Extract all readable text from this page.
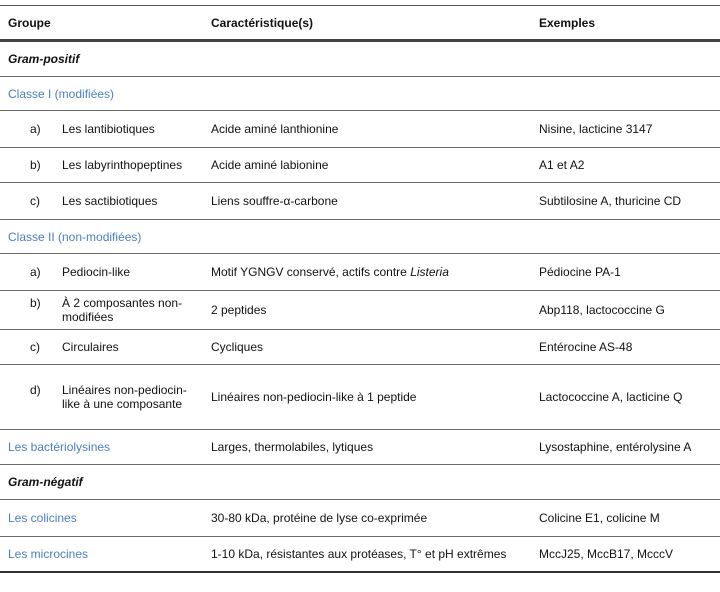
Groupe	Caractéristique(s)	Exemples
Gram-positif		
Classe I (modifiées)		

a) Les lantibiotiques	Acide aminé lanthionine	Nisine, lacticine 3147

b) Les labyrinthopeptines	Acide aminé labionine	A1 et A2

c) Les sactibiotiques	Liens souffre-α-carbone	Subtilosine A, thuricine CD
Classe II (non-modifiées)		

a) Pediocin-like	Motif YGNGV conservé, actifs contre Listeria	Pédiocine PA-1

b) À 2 composantes non-modifiées	2 peptides	Abp118, lactococcine G

c) Circulaires	Cycliques	Entérocine AS-48

d) Linéaires non-pediocin-like à une composante	Linéaires non-pediocin-like à 1 peptide	Lactococcine A, lacticine Q
Les bactériolysines	Larges, thermolabiles, lytiques	Lysostaphine, entérolysine A
Gram-négatif		
Les colicines	30-80 kDa, protéine de lyse co-exprimée	Colicine E1, colicine M
Les microcines	1-10 kDa, résistantes aux protéases, T° et pH extrêmes	MccJ25, MccB17, McccV
